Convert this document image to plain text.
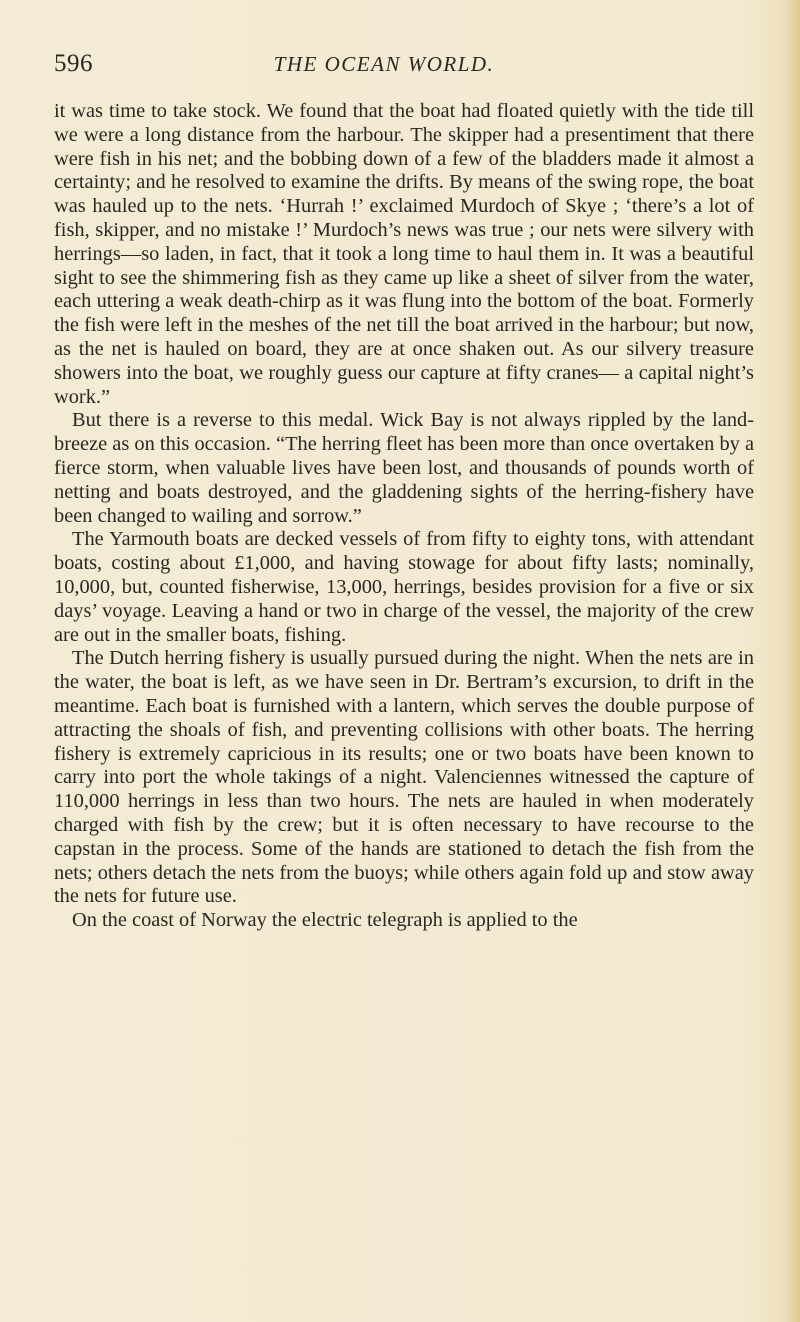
596	THE OCEAN WORLD.

it was time to take stock. We found that the boat had floated quietly with the tide till we were a long distance from the harbour. The skipper had a presentiment that there were fish in his net; and the bobbing down of a few of the bladders made it almost a certainty; and he resolved to examine the drifts. By means of the swing rope, the boat was hauled up to the nets. ‘Hurrah !’ exclaimed Murdoch of Skye ; ‘there’s a lot of fish, skipper, and no mistake !’ Murdoch’s news was true ; our nets were silvery with herrings—so laden, in fact, that it took a long time to haul them in. It was a beautiful sight to see the shimmering fish as they came up like a sheet of silver from the water, each uttering a weak death-chirp as it was flung into the bottom of the boat. Formerly the fish were left in the meshes of the net till the boat arrived in the harbour; but now, as the net is hauled on board, they are at once shaken out. As our silvery treasure showers into the boat, we roughly guess our capture at fifty cranes— a capital night’s work.”

But there is a reverse to this medal. Wick Bay is not always rippled by the land-breeze as on this occasion. “The herring fleet has been more than once overtaken by a fierce storm, when valuable lives have been lost, and thousands of pounds worth of netting and boats destroyed, and the gladdening sights of the herring-fishery have been changed to wailing and sorrow.”

The Yarmouth boats are decked vessels of from fifty to eighty tons, with attendant boats, costing about £1,000, and having stowage for about fifty lasts; nominally, 10,000, but, counted fisherwise, 13,000, herrings, besides provision for a five or six days’ voyage. Leaving a hand or two in charge of the vessel, the majority of the crew are out in the smaller boats, fishing.

The Dutch herring fishery is usually pursued during the night. When the nets are in the water, the boat is left, as we have seen in Dr. Bertram’s excursion, to drift in the meantime. Each boat is furnished with a lantern, which serves the double purpose of attracting the shoals of fish, and preventing collisions with other boats. The herring fishery is extremely capricious in its results; one or two boats have been known to carry into port the whole takings of a night. Valenciennes witnessed the capture of 110,000 herrings in less than two hours. The nets are hauled in when moderately charged with fish by the crew; but it is often necessary to have recourse to the capstan in the process. Some of the hands are stationed to detach the fish from the nets; others detach the nets from the buoys; while others again fold up and stow away the nets for future use.

On the coast of Norway the electric telegraph is applied to the
